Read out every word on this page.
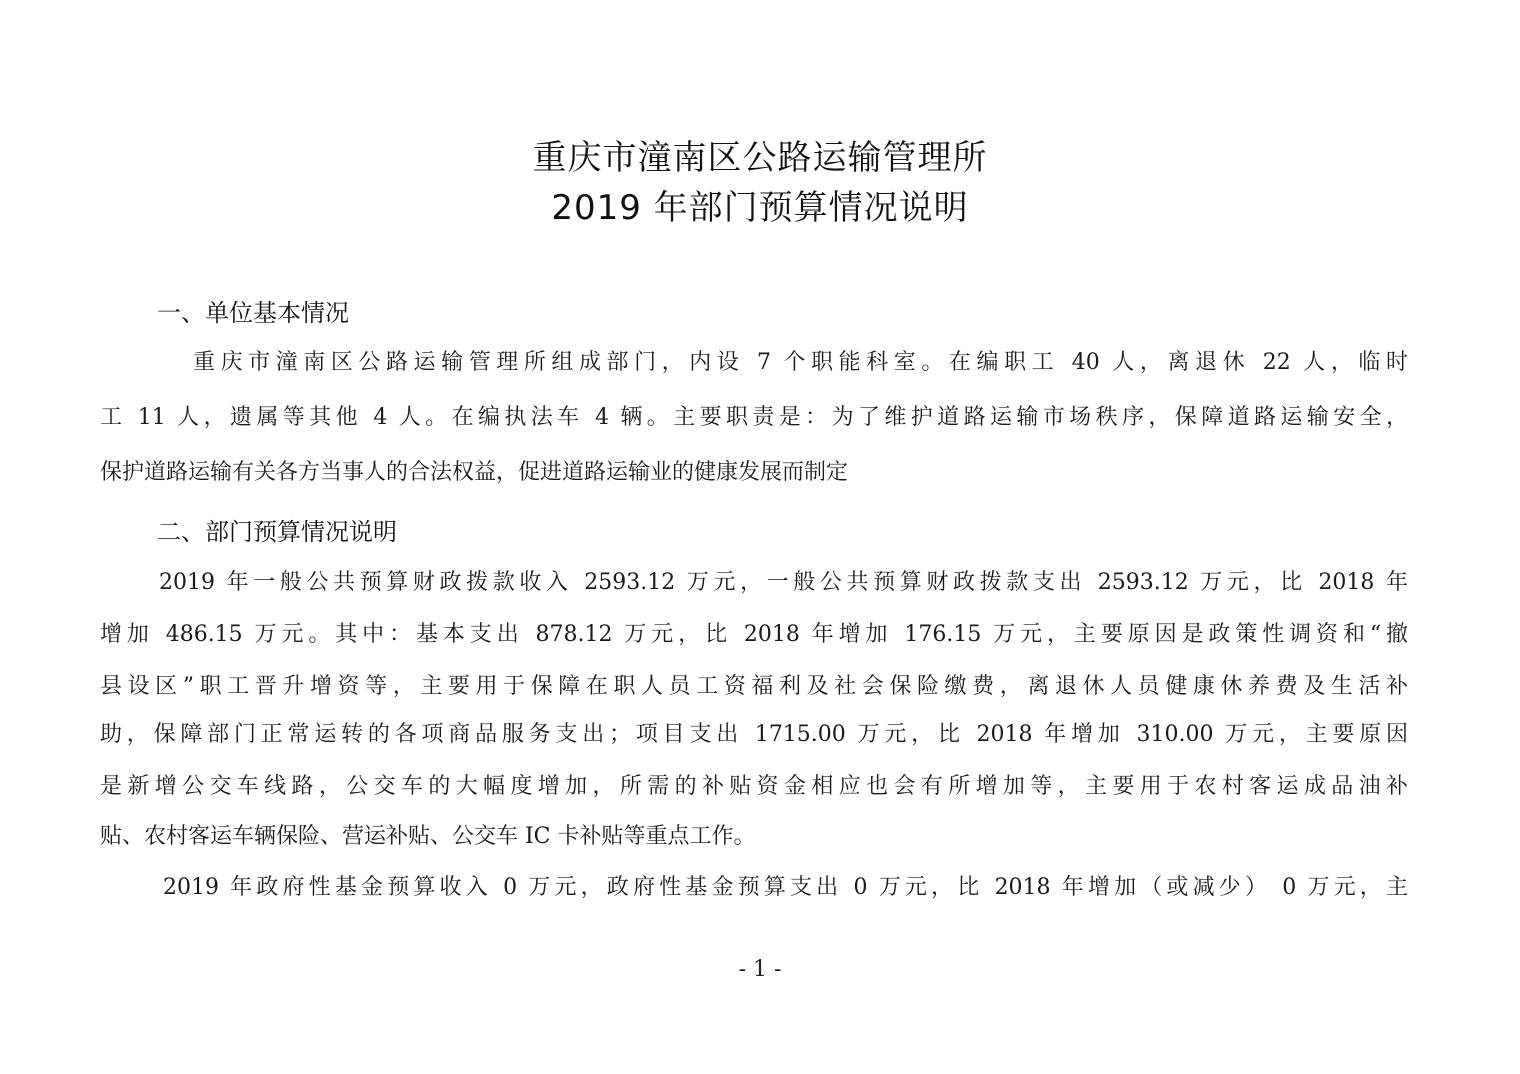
重庆市潼南区公路运输管理所
2019 年部门预算情况说明
一、单位基本情况
重庆市潼南区公路运输管理所组成部门，内设 7 个职能科室。在编职工 40 人，离退休 22 人，临时
工 11 人，遗属等其他 4 人。在编执法车 4 辆。主要职责是：为了维护道路运输市场秩序，保障道路运输安全，
保护道路运输有关各方当事人的合法权益，促进道路运输业的健康发展而制定
二、部门预算情况说明
2019 年一般公共预算财政拨款收入 2593.12 万元，一般公共预算财政拨款支出 2593.12 万元，比 2018 年
增加 486.15 万元。其中：基本支出 878.12 万元，比 2018 年增加 176.15 万元，主要原因是政策性调资和“撤
县设区”职工晋升增资等，主要用于保障在职人员工资福利及社会保险缴费，离退休人员健康休养费及生活补
助，保障部门正常运转的各项商品服务支出；项目支出 1715.00 万元，比 2018 年增加 310.00 万元，主要原因
是新增公交车线路，公交车的大幅度增加，所需的补贴资金相应也会有所增加等，主要用于农村客运成品油补
贴、农村客运车辆保险、营运补贴、公交车 IC 卡补贴等重点工作。
2019 年政府性基金预算收入 0 万元，政府性基金预算支出 0 万元，比 2018 年增加（或减少） 0 万元，主
- 1 -
